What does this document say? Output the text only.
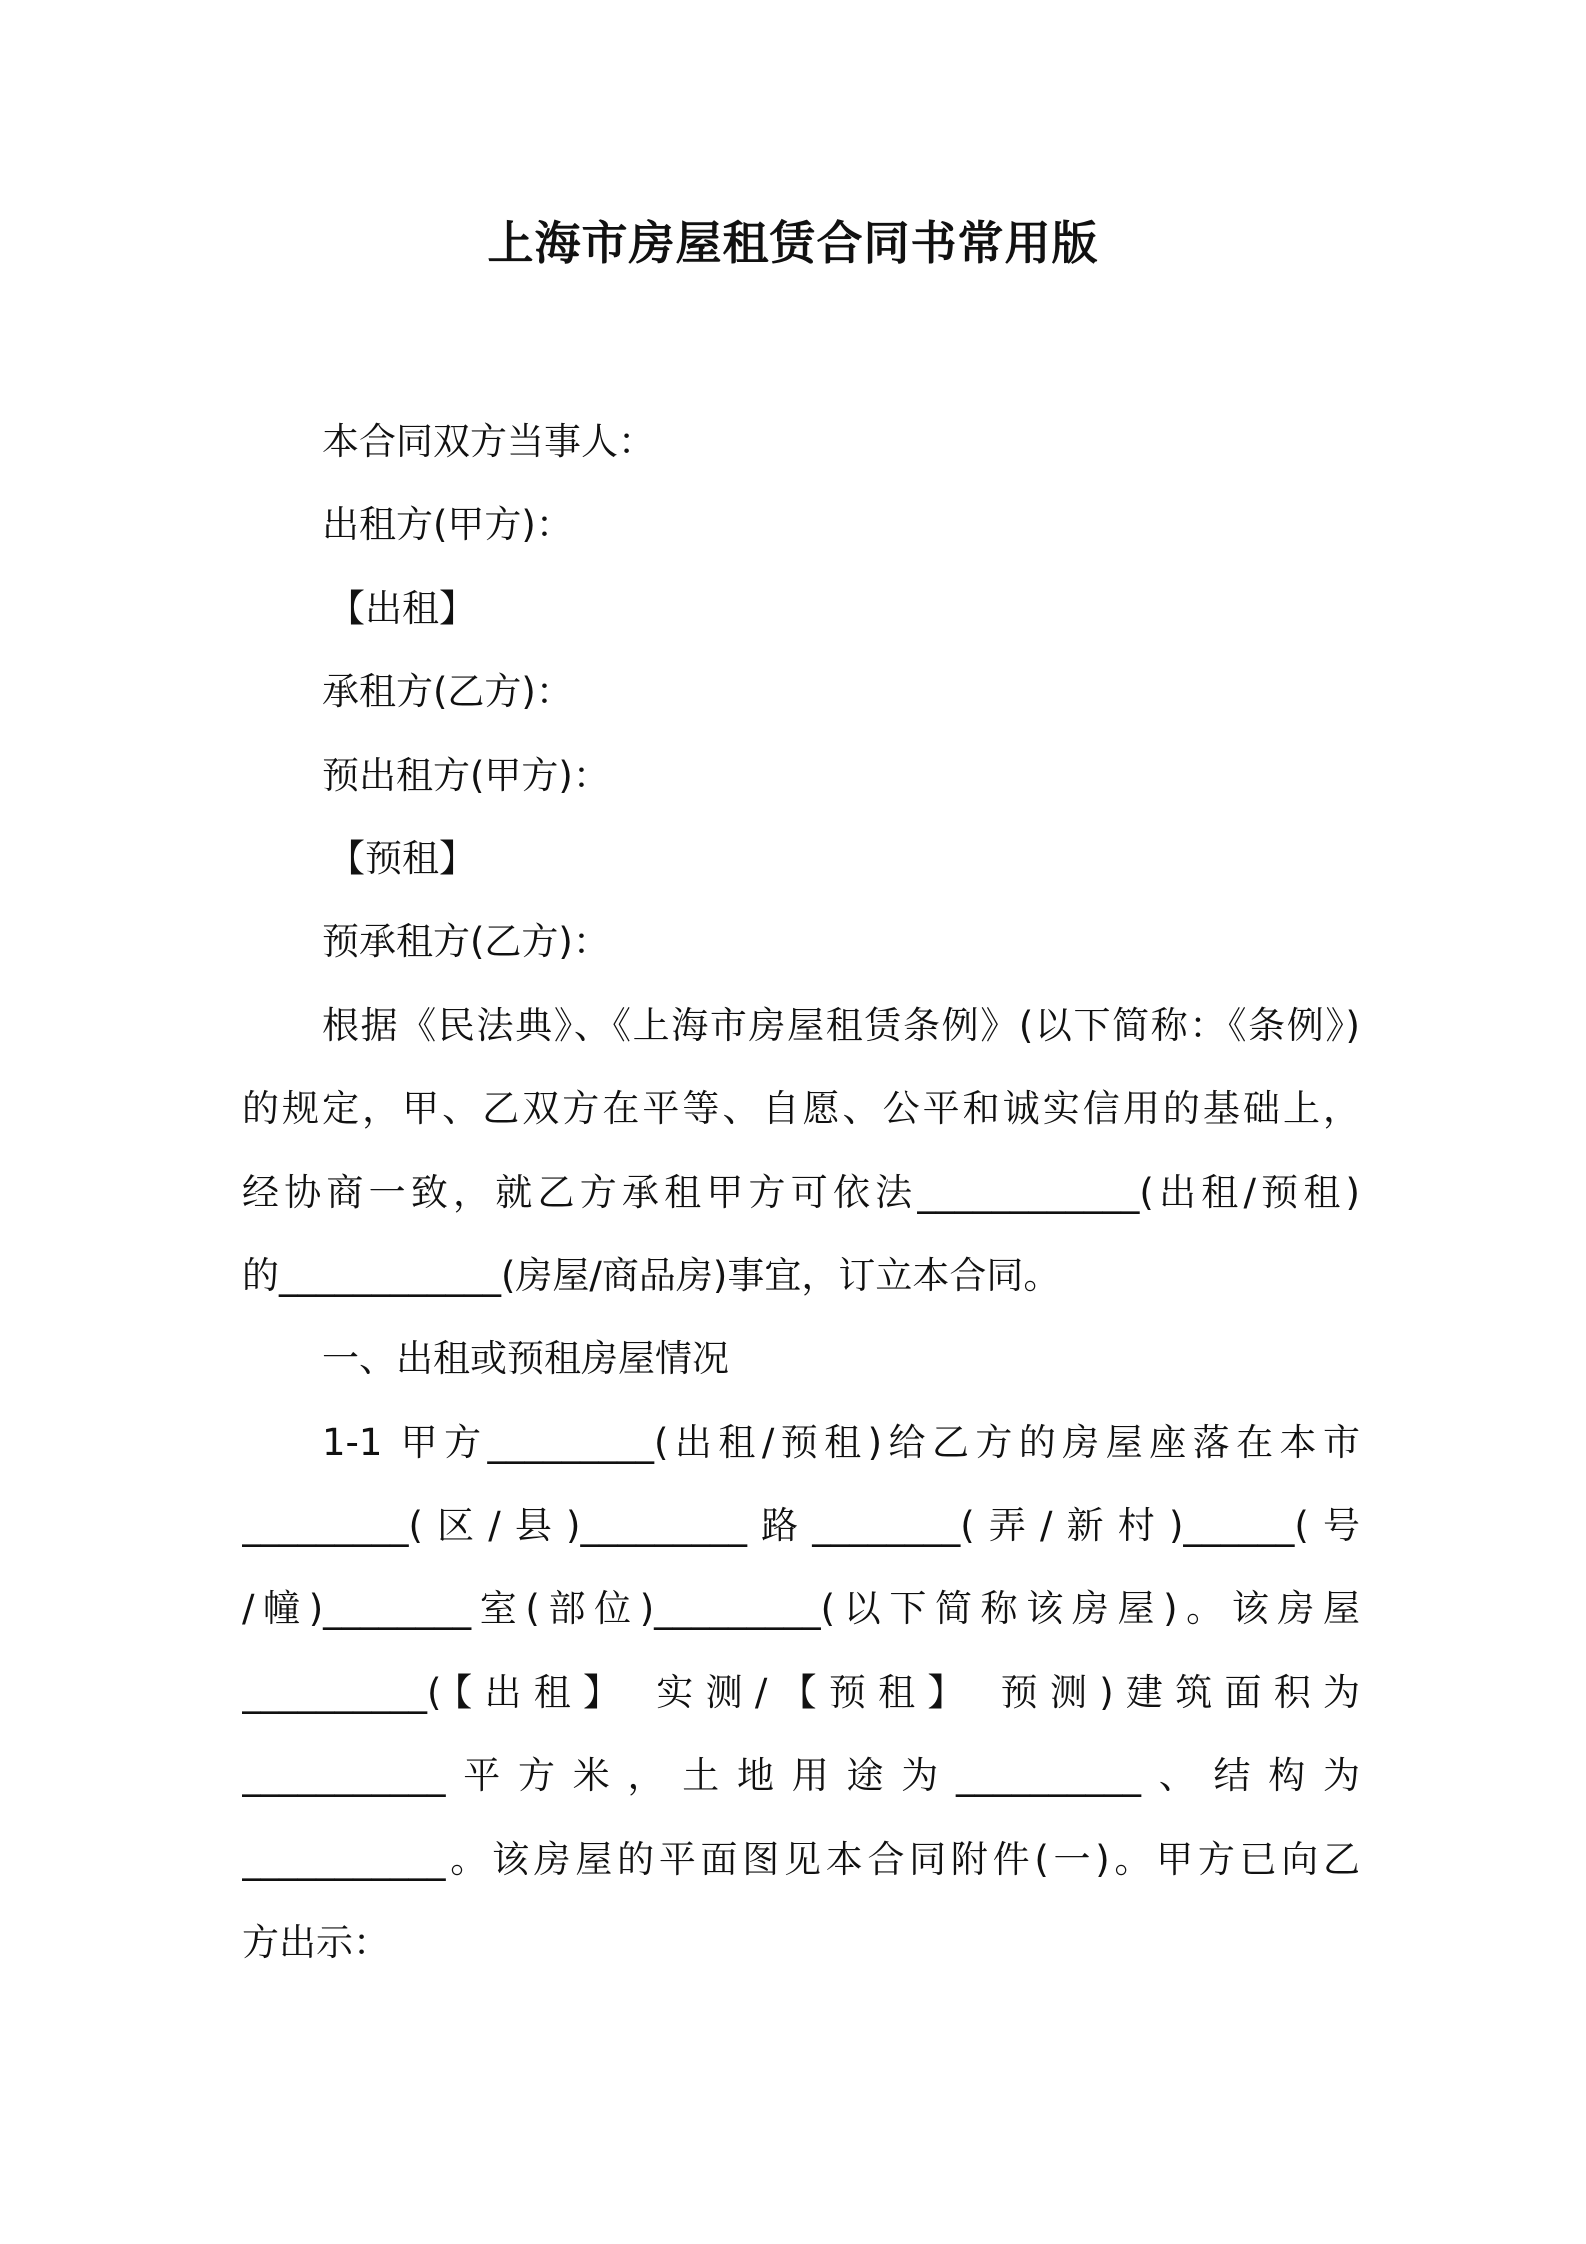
上海市房屋租赁合同书常用版
本合同双方当事人：
出租方(甲方)：
【出租】
承租方(乙方)：
预出租方(甲方)：
【预租】
预承租方(乙方)：
根据《民法典》、《上海市房屋租赁条例》(以下简称：《条例》)
的规定，甲、乙双方在平等、自愿、公平和诚实信用的基础上，
经协商一致，就乙方承租甲方可依法____________(出租/预租)
的____________(房屋/商品房)事宜，订立本合同。
一、出租或预租房屋情况
1-1 甲方_________(出租/预租)给乙方的房屋座落在本市
_________(区/县)_________路________(弄/新村)______(号
/幢)________室(部位)_________(以下简称该房屋)。该房屋
__________(【出租】 实测/【预租】 预测)建筑面积为
___________平方米，土地用途为__________、结构为
___________。该房屋的平面图见本合同附件(一)。甲方已向乙
方出示：
